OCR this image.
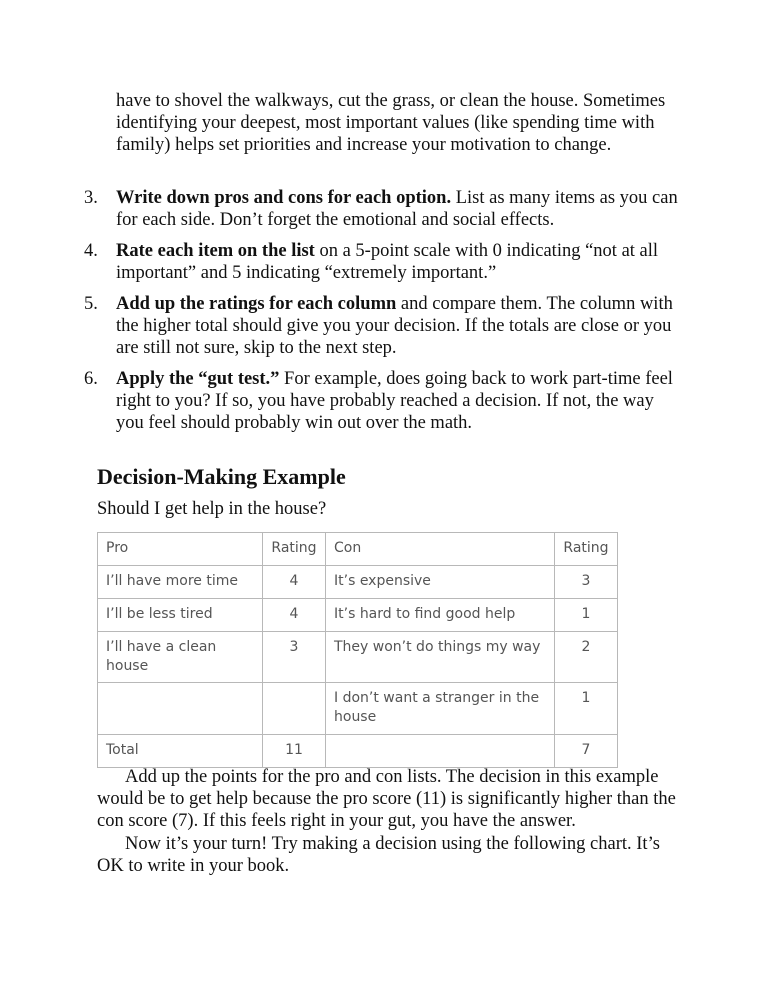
have to shovel the walkways, cut the grass, or clean the house. Sometimes identifying your deepest, most important values (like spending time with family) helps set priorities and increase your motivation to change.
3. Write down pros and cons for each option. List as many items as you can for each side. Don’t forget the emotional and social effects.
4. Rate each item on the list on a 5-point scale with 0 indicating “not at all important” and 5 indicating “extremely important.”
5. Add up the ratings for each column and compare them. The column with the higher total should give you your decision. If the totals are close or you are still not sure, skip to the next step.
6. Apply the “gut test.” For example, does going back to work part-time feel right to you? If so, you have probably reached a decision. If not, the way you feel should probably win out over the math.
Decision-Making Example
Should I get help in the house?
Pro	Rating	Con	Rating
I’ll have more time	4	It’s expensive	3
I’ll be less tired	4	It’s hard to find good help	1
I’ll have a clean house	3	They won’t do things my way	2
		I don’t want a stranger in the house	1
Total	11		7
Add up the points for the pro and con lists. The decision in this example would be to get help because the pro score (11) is significantly higher than the con score (7). If this feels right in your gut, you have the answer.
Now it’s your turn! Try making a decision using the following chart. It’s OK to write in your book.
